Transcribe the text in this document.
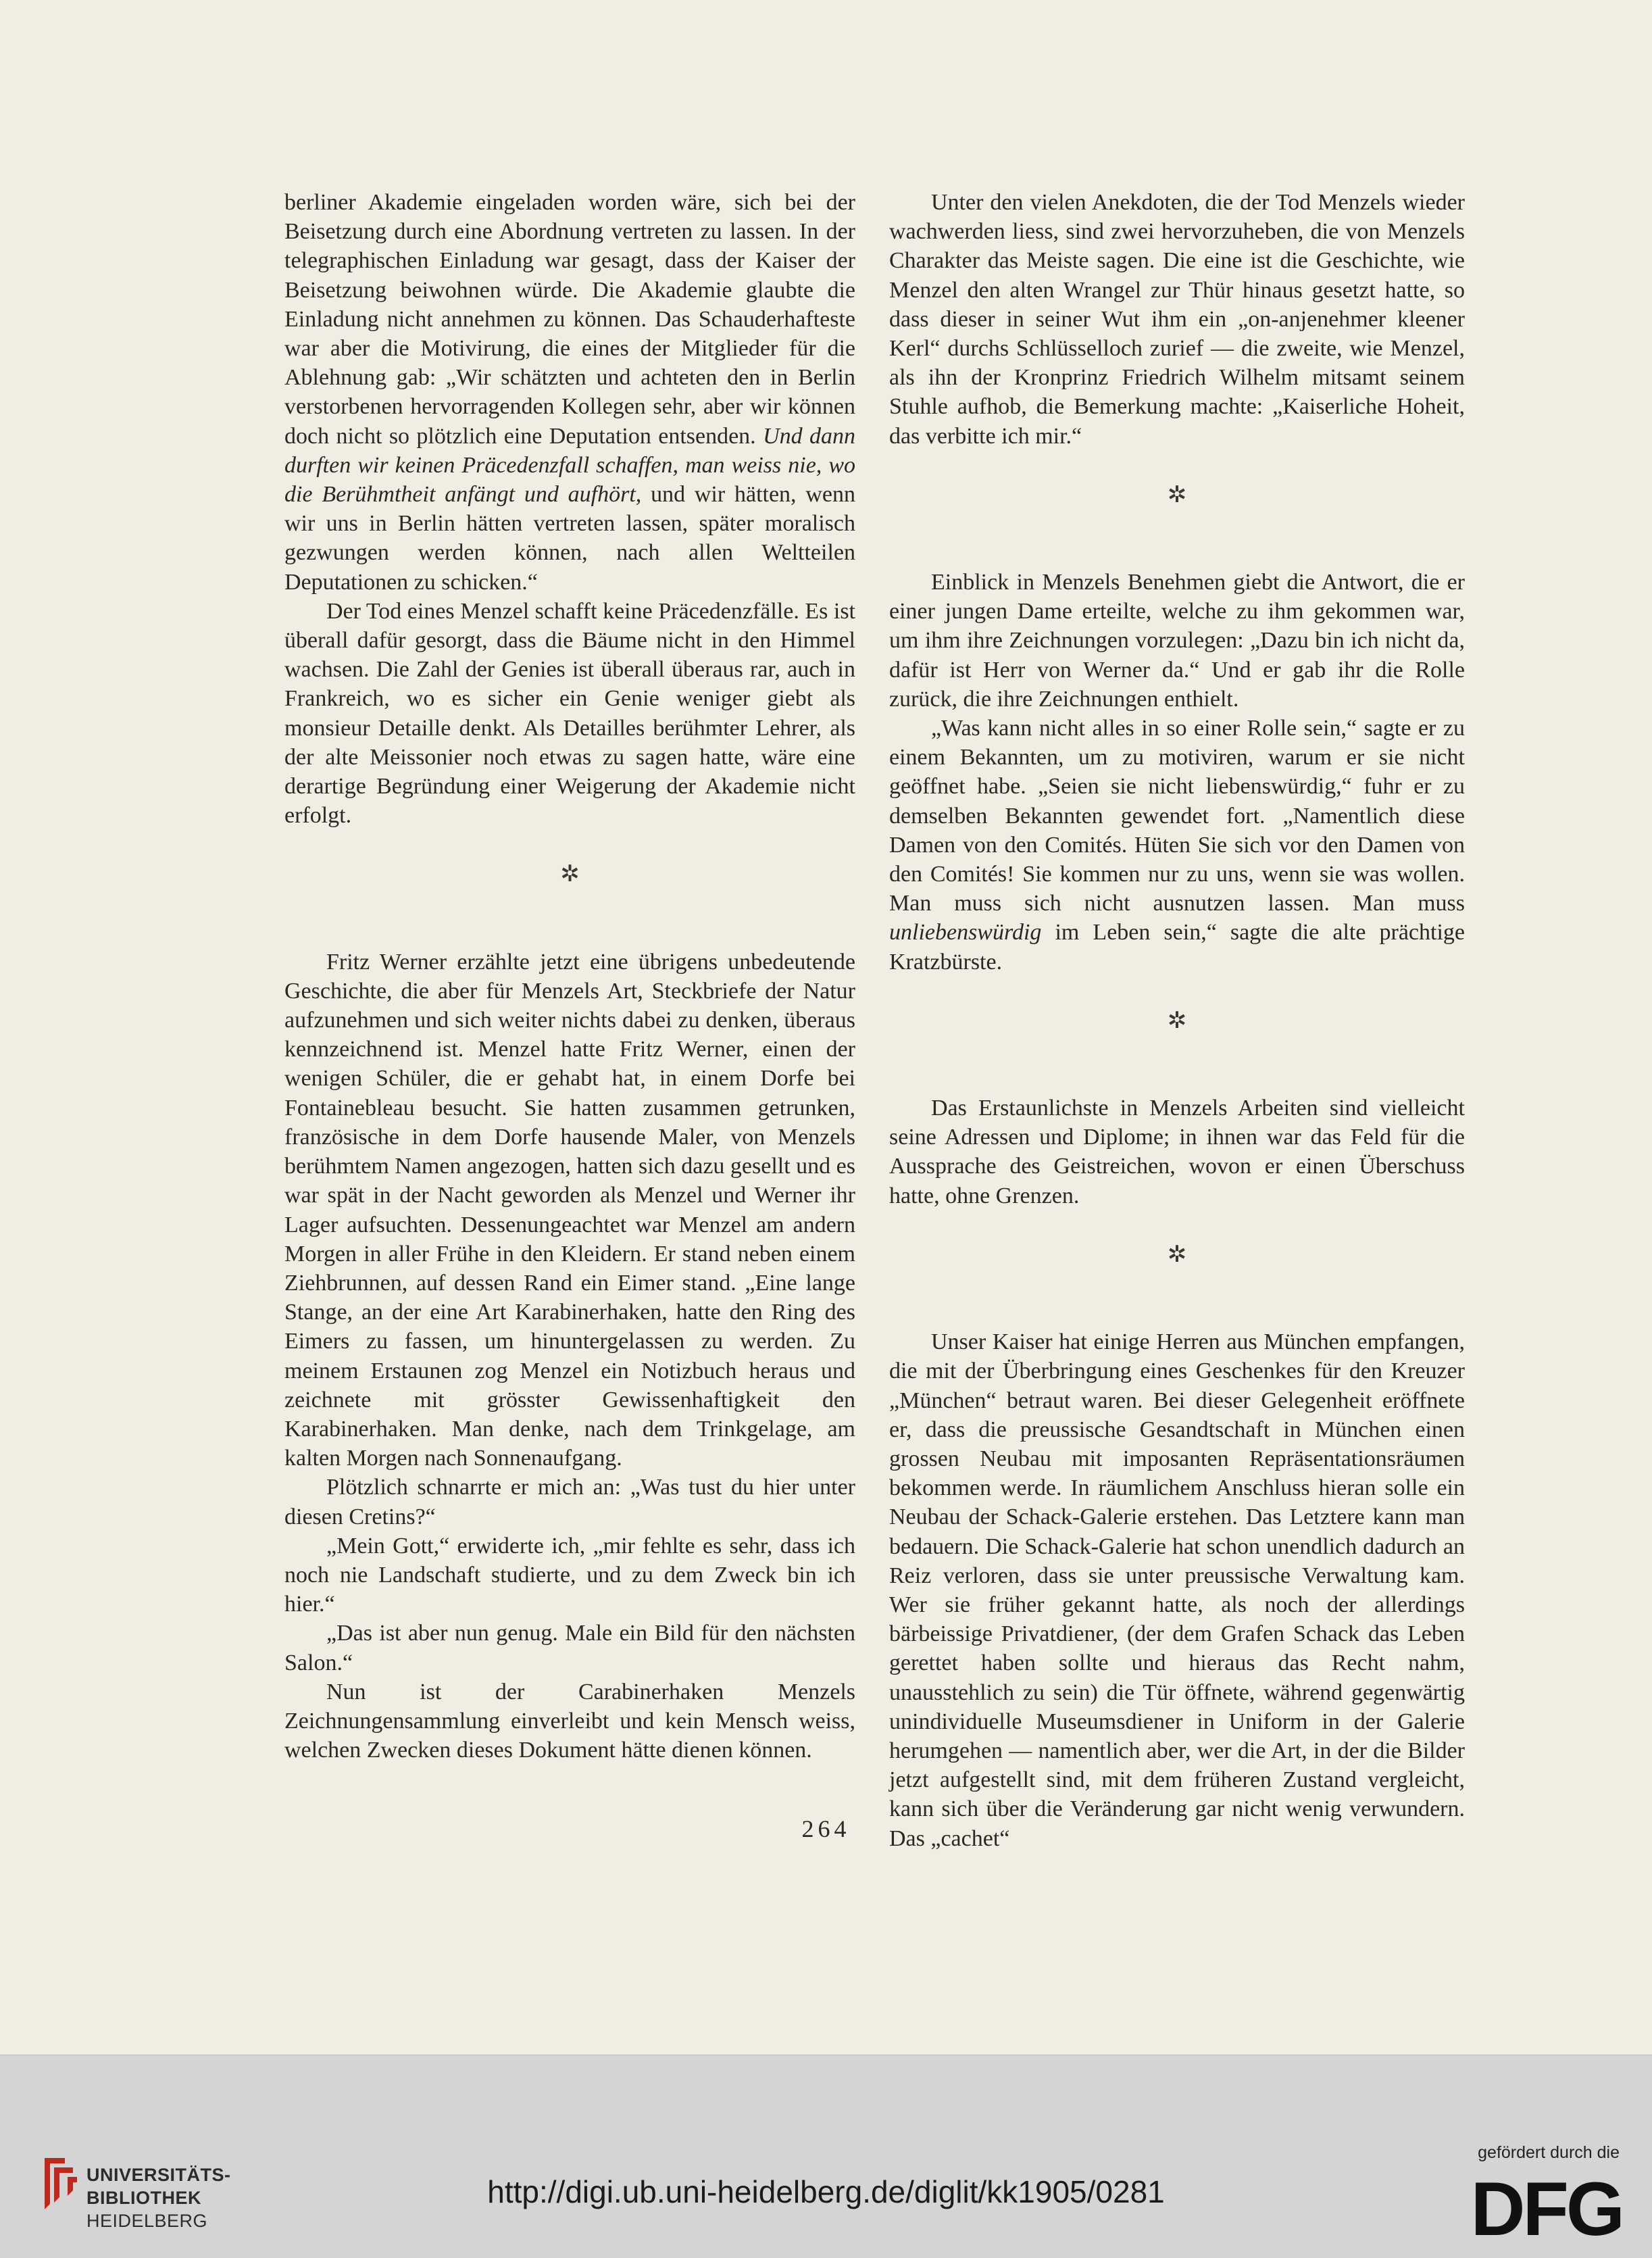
berliner Akademie eingeladen worden wäre, sich bei der Beisetzung durch eine Abordnung vertreten zu lassen. In der telegraphischen Einladung war gesagt, dass der Kaiser der Beisetzung beiwohnen würde. Die Akademie glaubte die Einladung nicht annehmen zu können. Das Schauderhafteste war aber die Motivirung, die eines der Mitglieder für die Ablehnung gab: „Wir schätzten und achteten den in Berlin verstorbenen hervorragenden Kollegen sehr, aber wir können doch nicht so plötzlich eine Deputation entsenden. Und dann durften wir keinen Präcedenzfall schaffen, man weiss nie, wo die Berühmtheit anfängt und aufhört, und wir hätten, wenn wir uns in Berlin hätten vertreten lassen, später moralisch gezwungen werden können, nach allen Weltteilen Deputationen zu schicken.“

Der Tod eines Menzel schafft keine Präcedenzfälle. Es ist überall dafür gesorgt, dass die Bäume nicht in den Himmel wachsen. Die Zahl der Genies ist überall überaus rar, auch in Frankreich, wo es sicher ein Genie weniger giebt als monsieur Detaille denkt. Als Detailles berühmter Lehrer, als der alte Meissonier noch etwas zu sagen hatte, wäre eine derartige Begründung einer Weigerung der Akademie nicht erfolgt.

✲

Fritz Werner erzählte jetzt eine übrigens unbedeutende Geschichte, die aber für Menzels Art, Steckbriefe der Natur aufzunehmen und sich weiter nichts dabei zu denken, überaus kennzeichnend ist. Menzel hatte Fritz Werner, einen der wenigen Schüler, die er gehabt hat, in einem Dorfe bei Fontainebleau besucht. Sie hatten zusammen getrunken, französische in dem Dorfe hausende Maler, von Menzels berühmtem Namen angezogen, hatten sich dazu gesellt und es war spät in der Nacht geworden als Menzel und Werner ihr Lager aufsuchten. Dessenungeachtet war Menzel am andern Morgen in aller Frühe in den Kleidern. Er stand neben einem Ziehbrunnen, auf dessen Rand ein Eimer stand. „Eine lange Stange, an der eine Art Karabinerhaken, hatte den Ring des Eimers zu fassen, um hinuntergelassen zu werden. Zu meinem Erstaunen zog Menzel ein Notizbuch heraus und zeichnete mit grösster Gewissenhaftigkeit den Karabinerhaken. Man denke, nach dem Trinkgelage, am kalten Morgen nach Sonnenaufgang.

Plötzlich schnarrte er mich an: „Was tust du hier unter diesen Cretins?“

„Mein Gott,“ erwiderte ich, „mir fehlte es sehr, dass ich noch nie Landschaft studierte, und zu dem Zweck bin ich hier.“

„Das ist aber nun genug. Male ein Bild für den nächsten Salon.“

Nun ist der Carabinerhaken Menzels Zeichnungensammlung einverleibt und kein Mensch weiss, welchen Zwecken dieses Dokument hätte dienen können.

Unter den vielen Anekdoten, die der Tod Menzels wieder wachwerden liess, sind zwei hervorzuheben, die von Menzels Charakter das Meiste sagen. Die eine ist die Geschichte, wie Menzel den alten Wrangel zur Thür hinaus gesetzt hatte, so dass dieser in seiner Wut ihm ein „on-anjenehmer kleener Kerl“ durchs Schlüsselloch zurief — die zweite, wie Menzel, als ihn der Kronprinz Friedrich Wilhelm mitsamt seinem Stuhle aufhob, die Bemerkung machte: „Kaiserliche Hoheit, das verbitte ich mir.“

✲

Einblick in Menzels Benehmen giebt die Antwort, die er einer jungen Dame erteilte, welche zu ihm gekommen war, um ihm ihre Zeichnungen vorzulegen: „Dazu bin ich nicht da, dafür ist Herr von Werner da.“ Und er gab ihr die Rolle zurück, die ihre Zeichnungen enthielt.

„Was kann nicht alles in so einer Rolle sein,“ sagte er zu einem Bekannten, um zu motiviren, warum er sie nicht geöffnet habe. „Seien sie nicht liebenswürdig,“ fuhr er zu demselben Bekannten gewendet fort. „Namentlich diese Damen von den Comités. Hüten Sie sich vor den Damen von den Comités! Sie kommen nur zu uns, wenn sie was wollen. Man muss sich nicht ausnutzen lassen. Man muss unliebenswürdig im Leben sein,“ sagte die alte prächtige Kratzbürste.

✲

Das Erstaunlichste in Menzels Arbeiten sind vielleicht seine Adressen und Diplome; in ihnen war das Feld für die Aussprache des Geistreichen, wovon er einen Überschuss hatte, ohne Grenzen.

✲

Unser Kaiser hat einige Herren aus München empfangen, die mit der Überbringung eines Geschenkes für den Kreuzer „München“ betraut waren. Bei dieser Gelegenheit eröffnete er, dass die preussische Gesandtschaft in München einen grossen Neubau mit imposanten Repräsentationsräumen bekommen werde. In räumlichem Anschluss hieran solle ein Neubau der Schack-Galerie erstehen. Das Letztere kann man bedauern. Die Schack-Galerie hat schon unendlich dadurch an Reiz verloren, dass sie unter preussische Verwaltung kam. Wer sie früher gekannt hatte, als noch der allerdings bärbeissige Privatdiener, (der dem Grafen Schack das Leben gerettet haben sollte und hieraus das Recht nahm, unausstehlich zu sein) die Tür öffnete, während gegenwärtig unindividuelle Museumsdiener in Uniform in der Galerie herumgehen — namentlich aber, wer die Art, in der die Bilder jetzt aufgestellt sind, mit dem früheren Zustand vergleicht, kann sich über die Veränderung gar nicht wenig verwundern. Das „cachet“

264
UNIVERSITÄTS-
BIBLIOTHEK
HEIDELBERG
http://digi.ub.uni-heidelberg.de/diglit/kk1905/0281
gefördert durch die
DFG
